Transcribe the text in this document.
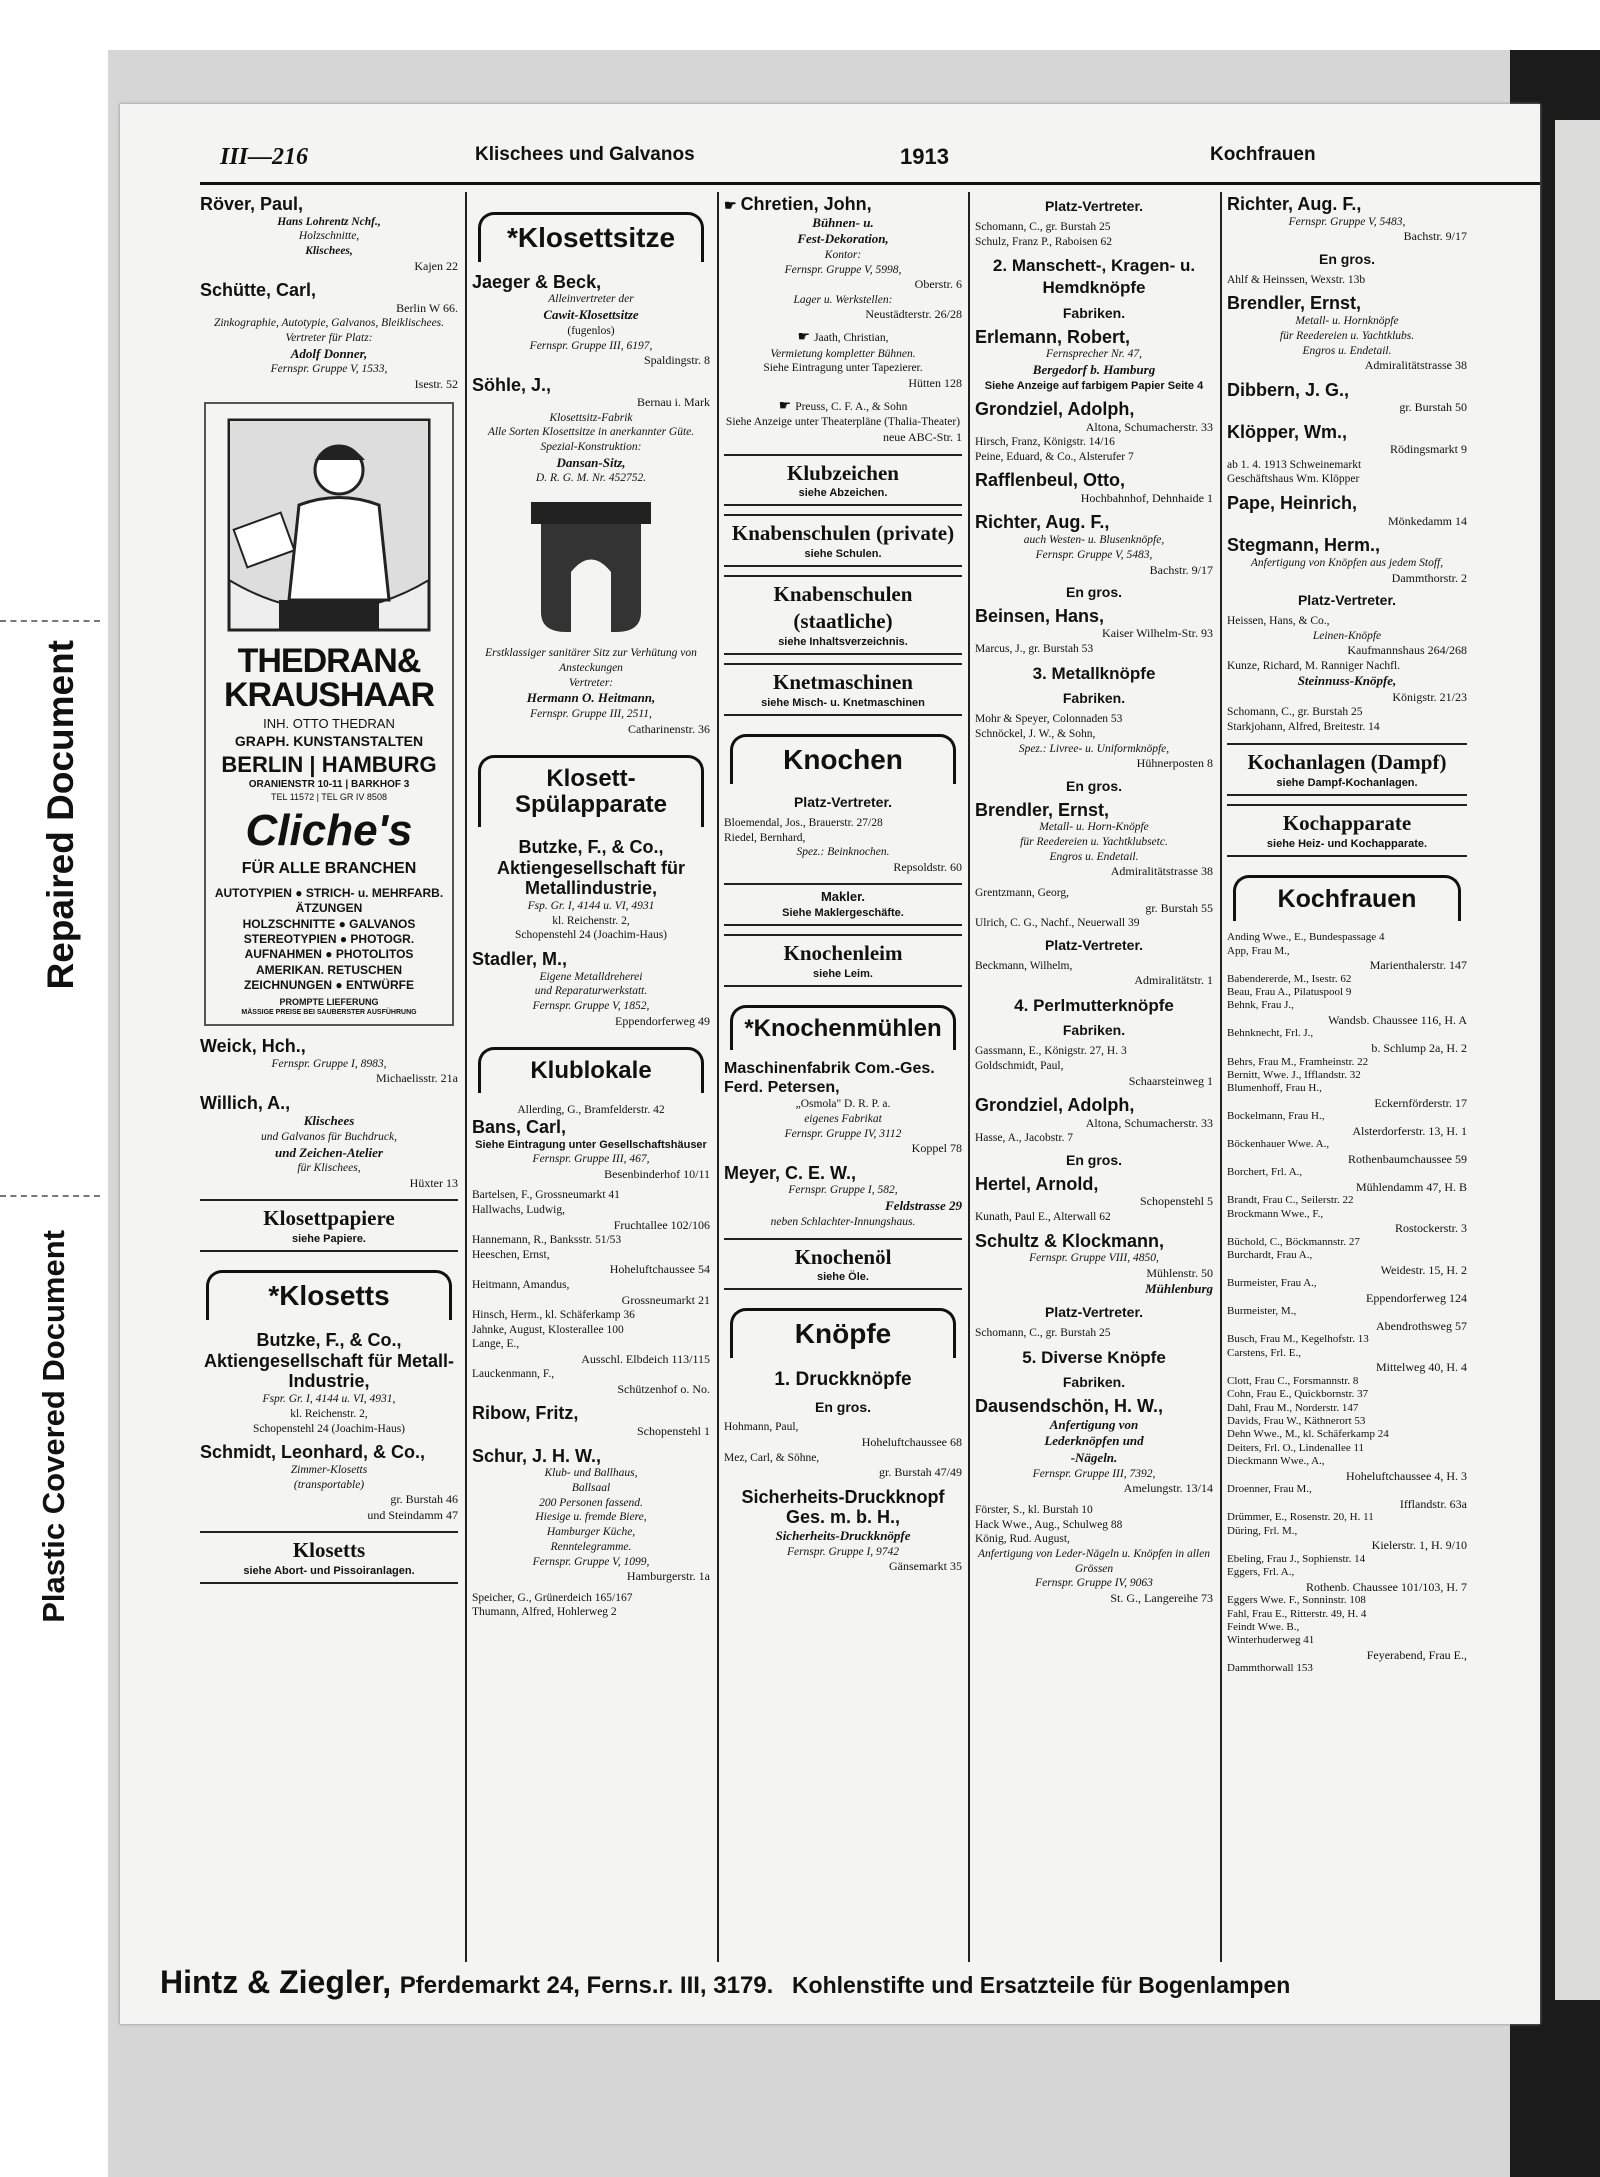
Plastic Covered Document
Repaired Document
III—216	Klischees und Galvanos	1913	Kochfrauen
Röver, Paul,
Hans Lohrentz Nchf.,
Holzschnitte,
Klischees,
Kajen 22
Schütte, Carl,
Berlin W 66.
Zinkographie, Autotypie, Galvanos, Bleiklischees.
Vertreter für Platz:
Adolf Donner,
Fernspr. Gruppe V, 1533,
Isestr. 52
THEDRAN&
KRAUSHAAR
INH. OTTO THEDRAN
GRAPH. KUNSTANSTALTEN
BERLIN | HAMBURG
ORANIENSTR 10-11 | BARKHOF 3
TEL 11572 | TEL GR IV 8508
Cliche's
FÜR ALLE BRANCHEN
AUTOTYPIEN ● STRICH- u. MEHRFARB. ÄTZUNGEN
HOLZSCHNITTE ● GALVANOS
STEREOTYPIEN ● PHOTOGR. AUFNAHMEN ● PHOTOLITOS
AMERIKAN. RETUSCHEN
ZEICHNUNGEN ● ENTWÜRFE
PROMPTE LIEFERUNG
MÄSSIGE PREISE BEI SAUBERSTER AUSFÜHRUNG
Weick, Hch.,
Fernspr. Gruppe I, 8983,
Michaelisstr. 21a
Willich, A.,
Klischees
und Galvanos für Buchdruck,
und Zeichen-Atelier
für Klischees,
Hüxter 13
Klosettpapiere
siehe Papiere.
*Klosetts
Butzke, F., & Co., Aktiengesellschaft für Metall-Industrie,
Fspr. Gr. I, 4144 u. VI, 4931,
kl. Reichenstr. 2,
Schopenstehl 24 (Joachim-Haus)
Schmidt, Leonhard, & Co.,
Zimmer-Klosetts
(transportable)
gr. Burstah 46
und Steindamm 47
Klosetts
siehe Abort- und Pissoiranlagen.
*Klosettsitze
Jaeger & Beck,
Alleinvertreter der
Cawit-Klosettsitze
(fugenlos)
Fernspr. Gruppe III, 6197,
Spaldingstr. 8
Söhle, J.,
Bernau i. Mark
Klosettsitz-Fabrik
Alle Sorten Klosettsitze in anerkannter Güte.
Spezial-Konstruktion:
Dansan-Sitz,
D. R. G. M. Nr. 452752.
Erstklassiger sanitärer Sitz zur Verhütung von Ansteckungen
Vertreter:
Hermann O. Heitmann,
Fernspr. Gruppe III, 2511,
Catharinenstr. 36
Klosett-Spülapparate
Butzke, F., & Co., Aktiengesellschaft für Metallindustrie,
Fsp. Gr. I, 4144 u. VI, 4931
kl. Reichenstr. 2,
Schopenstehl 24 (Joachim-Haus)
Stadler, M.,
Eigene Metalldreherei
und Reparaturwerkstatt.
Fernspr. Gruppe V, 1852,
Eppendorferweg 49
Klublokale
Allerding, G., Bramfelderstr. 42
Bans, Carl,
Siehe Eintragung unter Gesellschaftshäuser
Fernspr. Gruppe III, 467,
Besenbinderhof 10/11
Bartelsen, F., Grossneumarkt 41
Hallwachs, Ludwig,
Fruchtallee 102/106
Hannemann, R., Banksstr. 51/53
Heeschen, Ernst,
Hoheluftchaussee 54
Heitmann, Amandus,
Grossneumarkt 21
Hinsch, Herm., kl. Schäferkamp 36
Jahnke, August, Klosterallee 100
Lange, E.,
Ausschl. Elbdeich 113/115
Lauckenmann, F.,
Schützenhof o. No.
Ribow, Fritz,
Schopenstehl 1
Schur, J. H. W.,
Klub- und Ballhaus,
Ballsaal
200 Personen fassend.
Hiesige u. fremde Biere,
Hamburger Küche,
Renntelegramme.
Fernspr. Gruppe V, 1099,
Hamburgerstr. 1a
Speicher, G., Grünerdeich 165/167
Thumann, Alfred, Hohlerweg 2
☛ Chretien, John,
Bühnen- u.
Fest-Dekoration,
Kontor:
Fernspr. Gruppe V, 5998,
Oberstr. 6
Lager u. Werkstellen:
Neustädterstr. 26/28
☛ Jaath, Christian,
Vermietung kompletter Bühnen.
Siehe Eintragung unter Tapezierer.
Hütten 128
☛ Preuss, C. F. A., & Sohn
Siehe Anzeige unter Theaterpläne (Thalia-Theater)
neue ABC-Str. 1
Klubzeichen
siehe Abzeichen.
Knabenschulen (private)
siehe Schulen.
Knabenschulen (staatliche)
siehe Inhaltsverzeichnis.
Knetmaschinen
siehe Misch- u. Knetmaschinen
Knochen
Platz-Vertreter.
Bloemendal, Jos., Brauerstr. 27/28
Riedel, Bernhard,
Spez.: Beinknochen.
Repsoldstr. 60
Makler.
Siehe Maklergeschäfte.
Knochenleim
siehe Leim.
*Knochenmühlen
Maschinenfabrik Com.-Ges. Ferd. Petersen,
„Osmola" D. R. P. a.
eigenes Fabrikat
Fernspr. Gruppe IV, 3112
Koppel 78
Meyer, C. E. W.,
Fernspr. Gruppe I, 582,
Feldstrasse 29
neben Schlachter-Innungshaus.
Knochenöl
siehe Öle.
Knöpfe
1. Druckknöpfe
En gros.
Hohmann, Paul,
Hoheluftchaussee 68
Mez, Carl, & Söhne,
gr. Burstah 47/49
Sicherheits-Druckknopf Ges. m. b. H.,
Sicherheits-Druckknöpfe
Fernspr. Gruppe I, 9742
Gänsemarkt 35
Platz-Vertreter.
Schomann, C., gr. Burstah 25
Schulz, Franz P., Raboisen 62
2. Manschett-, Kragen- u. Hemdknöpfe
Fabriken.
Erlemann, Robert,
Fernsprecher Nr. 47,
Bergedorf b. Hamburg
Siehe Anzeige auf farbigem Papier Seite 4
Grondziel, Adolph,
Altona, Schumacherstr. 33
Hirsch, Franz, Königstr. 14/16
Peine, Eduard, & Co., Alsterufer 7
Rafflenbeul, Otto,
Hochbahnhof, Dehnhaide 1
Richter, Aug. F.,
auch Westen- u. Blusenknöpfe,
Fernspr. Gruppe V, 5483,
Bachstr. 9/17
En gros.
Beinsen, Hans,
Kaiser Wilhelm-Str. 93
Marcus, J., gr. Burstah 53
3. Metallknöpfe
Fabriken.
Mohr & Speyer, Colonnaden 53
Schnöckel, J. W., & Sohn,
Spez.: Livree- u. Uniformknöpfe,
Hühnerposten 8
En gros.
Brendler, Ernst,
Metall- u. Horn-Knöpfe
für Reedereien u. Yachtklubsetc.
Engros u. Endetail.
Admiralitätstrasse 38
Grentzmann, Georg,
gr. Burstah 55
Ulrich, C. G., Nachf., Neuerwall 39
Platz-Vertreter.
Beckmann, Wilhelm,
Admiralitätstr. 1
4. Perlmutterknöpfe
Fabriken.
Gassmann, E., Königstr. 27, H. 3
Goldschmidt, Paul,
Schaarsteinweg 1
Grondziel, Adolph,
Altona, Schumacherstr. 33
Hasse, A., Jacobstr. 7
En gros.
Hertel, Arnold,
Schopenstehl 5
Kunath, Paul E., Alterwall 62
Schultz & Klockmann,
Fernspr. Gruppe VIII, 4850,
Mühlenstr. 50
Mühlenburg
Platz-Vertreter.
Schomann, C., gr. Burstah 25
5. Diverse Knöpfe
Fabriken.
Dausendschön, H. W.,
Anfertigung von
Lederknöpfen und
-Nägeln.
Fernspr. Gruppe III, 7392,
Amelungstr. 13/14
Förster, S., kl. Burstah 10
Hack Wwe., Aug., Schulweg 88
König, Rud. August,
Anfertigung von Leder-Nägeln u. Knöpfen in allen Grössen
Fernspr. Gruppe IV, 9063
St. G., Langereihe 73
Richter, Aug. F.,
Fernspr. Gruppe V, 5483,
Bachstr. 9/17
En gros.
Ahlf & Heinssen, Wexstr. 13b
Brendler, Ernst,
Metall- u. Hornknöpfe
für Reedereien u. Yachtklubs.
Engros u. Endetail.
Admiralitätstrasse 38
Dibbern, J. G.,
gr. Burstah 50
Klöpper, Wm.,
Rödingsmarkt 9
ab 1. 4. 1913 Schweinemarkt
Geschäftshaus Wm. Klöpper
Pape, Heinrich,
Mönkedamm 14
Stegmann, Herm.,
Anfertigung von Knöpfen aus jedem Stoff,
Dammthorstr. 2
Platz-Vertreter.
Heissen, Hans, & Co.,
Leinen-Knöpfe
Kaufmannshaus 264/268
Kunze, Richard, M. Ranniger Nachfl.
Steinnuss-Knöpfe,
Königstr. 21/23
Schomann, C., gr. Burstah 25
Starkjohann, Alfred, Breitestr. 14
Kochanlagen (Dampf)
siehe Dampf-Kochanlagen.
Kochapparate
siehe Heiz- und Kochapparate.
Kochfrauen
Anding Wwe., E., Bundespassage 4
App, Frau M.,
Marienthalerstr. 147
Babendererde, M., Isestr. 62
Beau, Frau A., Pilatuspool 9
Behnk, Frau J.,
Wandsb. Chaussee 116, H. A
Behnknecht, Frl. J.,
b. Schlump 2a, H. 2
Behrs, Frau M., Framheinstr. 22
Bernitt, Wwe. J., Ifflandstr. 32
Blumenhoff, Frau H.,
Eckernförderstr. 17
Bockelmann, Frau H.,
Alsterdorferstr. 13, H. 1
Böckenhauer Wwe. A.,
Rothenbaumchaussee 59
Borchert, Frl. A.,
Mühlendamm 47, H. B
Brandt, Frau C., Seilerstr. 22
Brockmann Wwe., F.,
Rostockerstr. 3
Büchold, C., Böckmannstr. 27
Burchardt, Frau A.,
Weidestr. 15, H. 2
Burmeister, Frau A.,
Eppendorferweg 124
Burmeister, M.,
Abendrothsweg 57
Busch, Frau M., Kegelhofstr. 13
Carstens, Frl. E.,
Mittelweg 40, H. 4
Clott, Frau C., Forsmannstr. 8
Cohn, Frau E., Quickbornstr. 37
Dahl, Frau M., Norderstr. 147
Davids, Frau W., Käthnerort 53
Dehn Wwe., M., kl. Schäferkamp 24
Deiters, Frl. O., Lindenallee 11
Dieckmann Wwe., A.,
Hoheluftchaussee 4, H. 3
Droenner, Frau M.,
Ifflandstr. 63a
Drümmer, E., Rosenstr. 20, H. 11
Düring, Frl. M.,
Kielerstr. 1, H. 9/10
Ebeling, Frau J., Sophienstr. 14
Eggers, Frl. A.,
Rothenb. Chaussee 101/103, H. 7
Eggers Wwe. F., Sonninstr. 108
Fahl, Frau E., Ritterstr. 49, H. 4
Feindt Wwe. B.,
Winterhuderweg 41
Feyerabend, Frau E.,
Dammthorwall 153
Hintz & Ziegler, Pferdemarkt 24, Ferns.r. III, 3179. Kohlenstifte und Ersatzteile für Bogenlampen
